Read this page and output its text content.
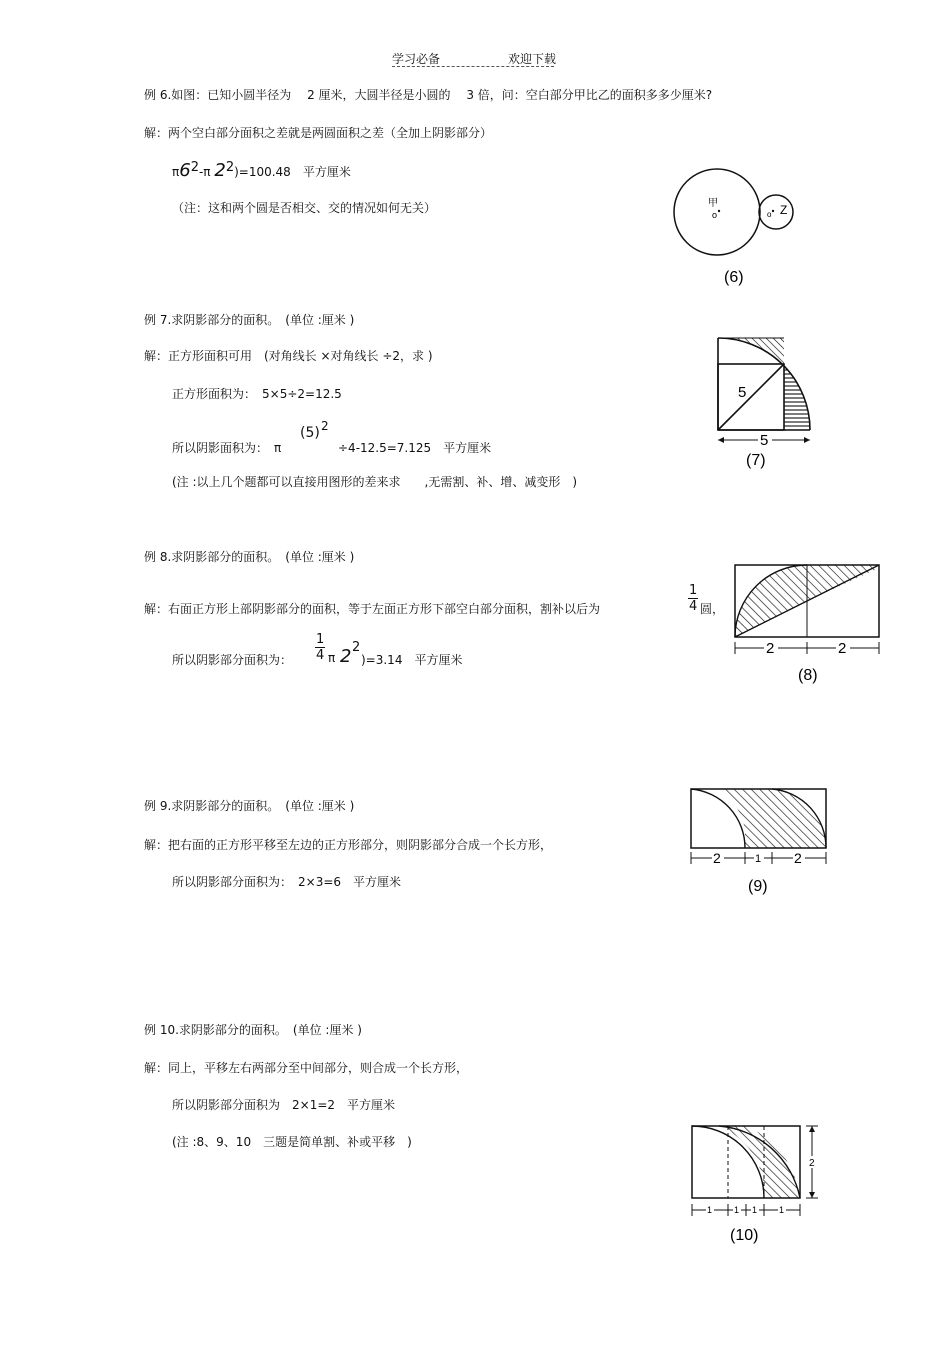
学习必备	欢迎下载
例 6.如图：已知小圆半径为　 2 厘米，大圆半径是小圆的　 3 倍，问：空白部分甲比乙的面积多多少厘米?
解：两个空白部分面积之差就是两圆面积之差（全加上阴影部分）
$\pi 6^2-\pi$ $2^2)=100.48$　平方厘米
（注：这和两个圆是否相交、交的情况如何无关）	甲
o	o Z
(6)
例 7.求阴影部分的面积。　(单位 :厘米 )
解：正方形面积可用　(对角线长 ×对角线长 ÷2，求 )
正方形面积为：　5×5÷2=12.5
所以阴影面积为：　π
(5) 2
÷4-12.5=7.125　平方厘米
(注 :以上几个题都可以直接用图形的差来求　　,无需割、补、增、减变形　)
5
5
(7)
例 8.求阴影部分的面积。　(单位 :厘米 )
解：右面正方形上部阴影部分的面积，等于左面正方形下部空白部分面积，割补以后为	$\frac{1}{4}$ 圆，
所以阴影部分面积为： $\frac{1}{4}$ π 2 2
)=3.14　平方厘米
2	2
(8)
例 9.求阴影部分的面积。　(单位 :厘米 )
解：把右面的正方形平移至左边的正方形部分，则阴影部分合成一个长方形，
所以阴影部分面积为：　2×3=6　平方厘米
2	1 2
(9)
例 10.求阴影部分的面积。　(单位 :厘米 )
解：同上，平移左右两部分至中间部分，则合成一个长方形，
所以阴影部分面积为　2×1=2　平方厘米
(注 :8、9、10　三题是简单割、补或平移　)
2
1 1 1 1
(10)
